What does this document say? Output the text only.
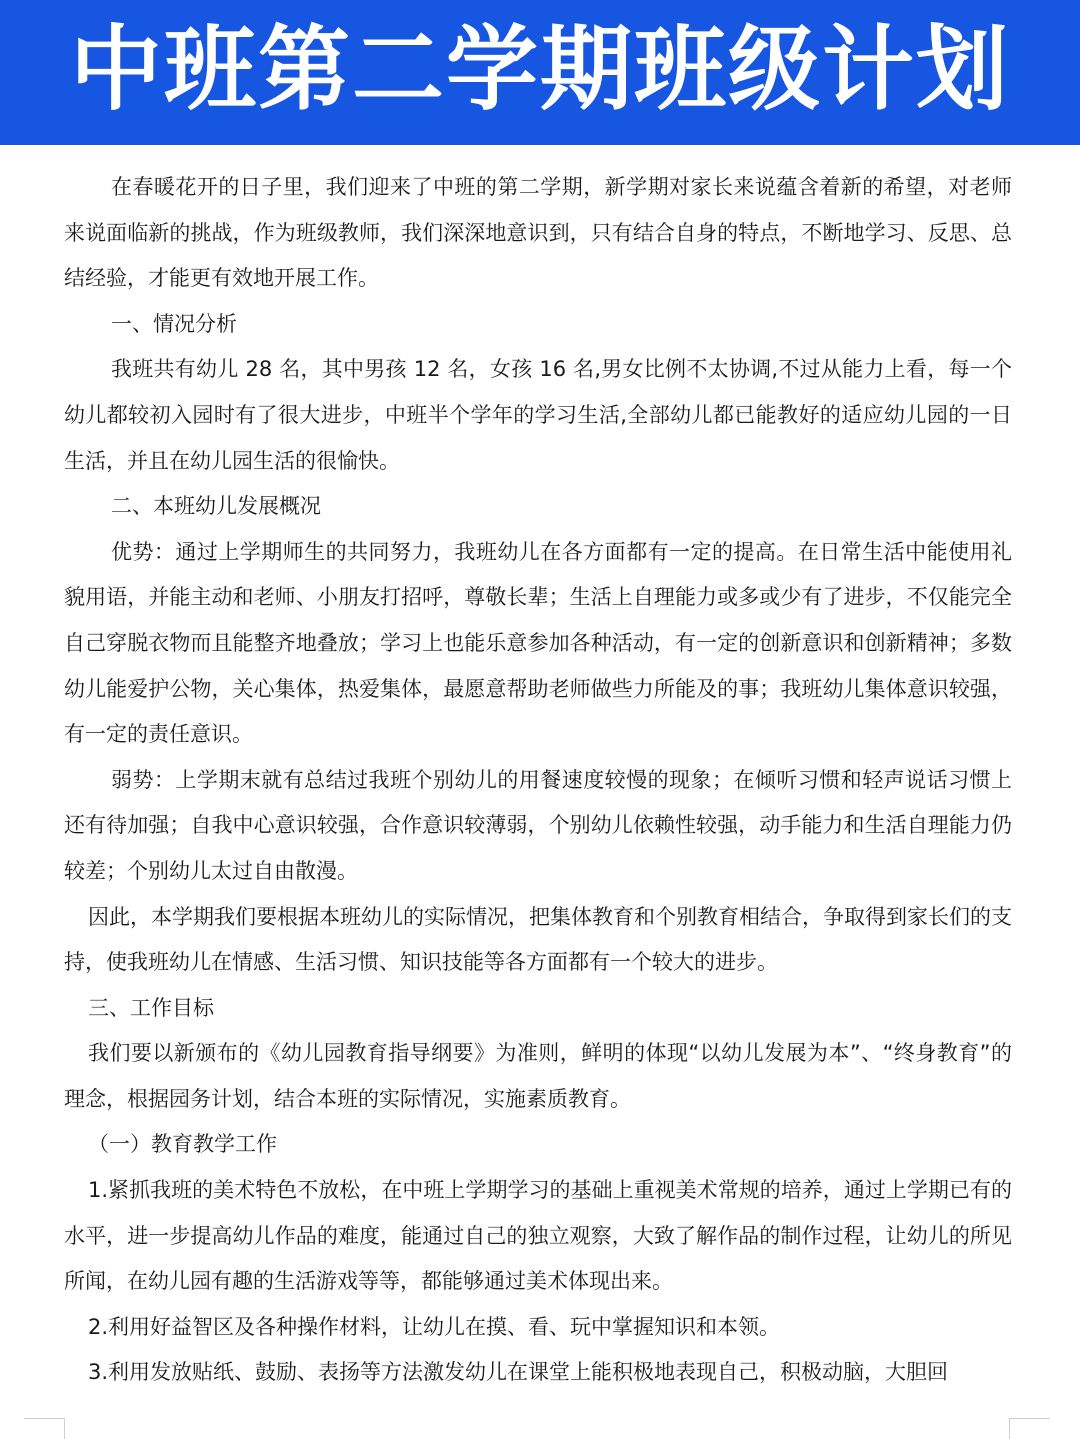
中班第二学期班级计划

在春暖花开的日子里，我们迎来了中班的第二学期，新学期对家长来说蕴含着新的希望，对老师来说面临新的挑战，作为班级教师，我们深深地意识到，只有结合自身的特点，不断地学习、反思、总结经验，才能更有效地开展工作。

一、情况分析

我班共有幼儿 28 名，其中男孩 12 名，女孩 16 名,男女比例不太协调,不过从能力上看，每一个幼儿都较初入园时有了很大进步，中班半个学年的学习生活,全部幼儿都已能教好的适应幼儿园的一日生活，并且在幼儿园生活的很愉快。

二、本班幼儿发展概况

优势：通过上学期师生的共同努力，我班幼儿在各方面都有一定的提高。在日常生活中能使用礼貌用语，并能主动和老师、小朋友打招呼，尊敬长辈；生活上自理能力或多或少有了进步，不仅能完全自己穿脱衣物而且能整齐地叠放；学习上也能乐意参加各种活动，有一定的创新意识和创新精神；多数幼儿能爱护公物，关心集体，热爱集体，最愿意帮助老师做些力所能及的事；我班幼儿集体意识较强，有一定的责任意识。

弱势：上学期末就有总结过我班个别幼儿的用餐速度较慢的现象；在倾听习惯和轻声说话习惯上还有待加强；自我中心意识较强，合作意识较薄弱，个别幼儿依赖性较强，动手能力和生活自理能力仍较差；个别幼儿太过自由散漫。

因此，本学期我们要根据本班幼儿的实际情况，把集体教育和个别教育相结合，争取得到家长们的支持，使我班幼儿在情感、生活习惯、知识技能等各方面都有一个较大的进步。

三、工作目标

我们要以新颁布的《幼儿园教育指导纲要》为准则，鲜明的体现“以幼儿发展为本”、“终身教育”的理念，根据园务计划，结合本班的实际情况，实施素质教育。

（一）教育教学工作

1.紧抓我班的美术特色不放松，在中班上学期学习的基础上重视美术常规的培养，通过上学期已有的水平，进一步提高幼儿作品的难度，能通过自己的独立观察，大致了解作品的制作过程，让幼儿的所见所闻，在幼儿园有趣的生活游戏等等，都能够通过美术体现出来。

2.利用好益智区及各种操作材料，让幼儿在摸、看、玩中掌握知识和本领。

3.利用发放贴纸、鼓励、表扬等方法激发幼儿在课堂上能积极地表现自己，积极动脑，大胆回
